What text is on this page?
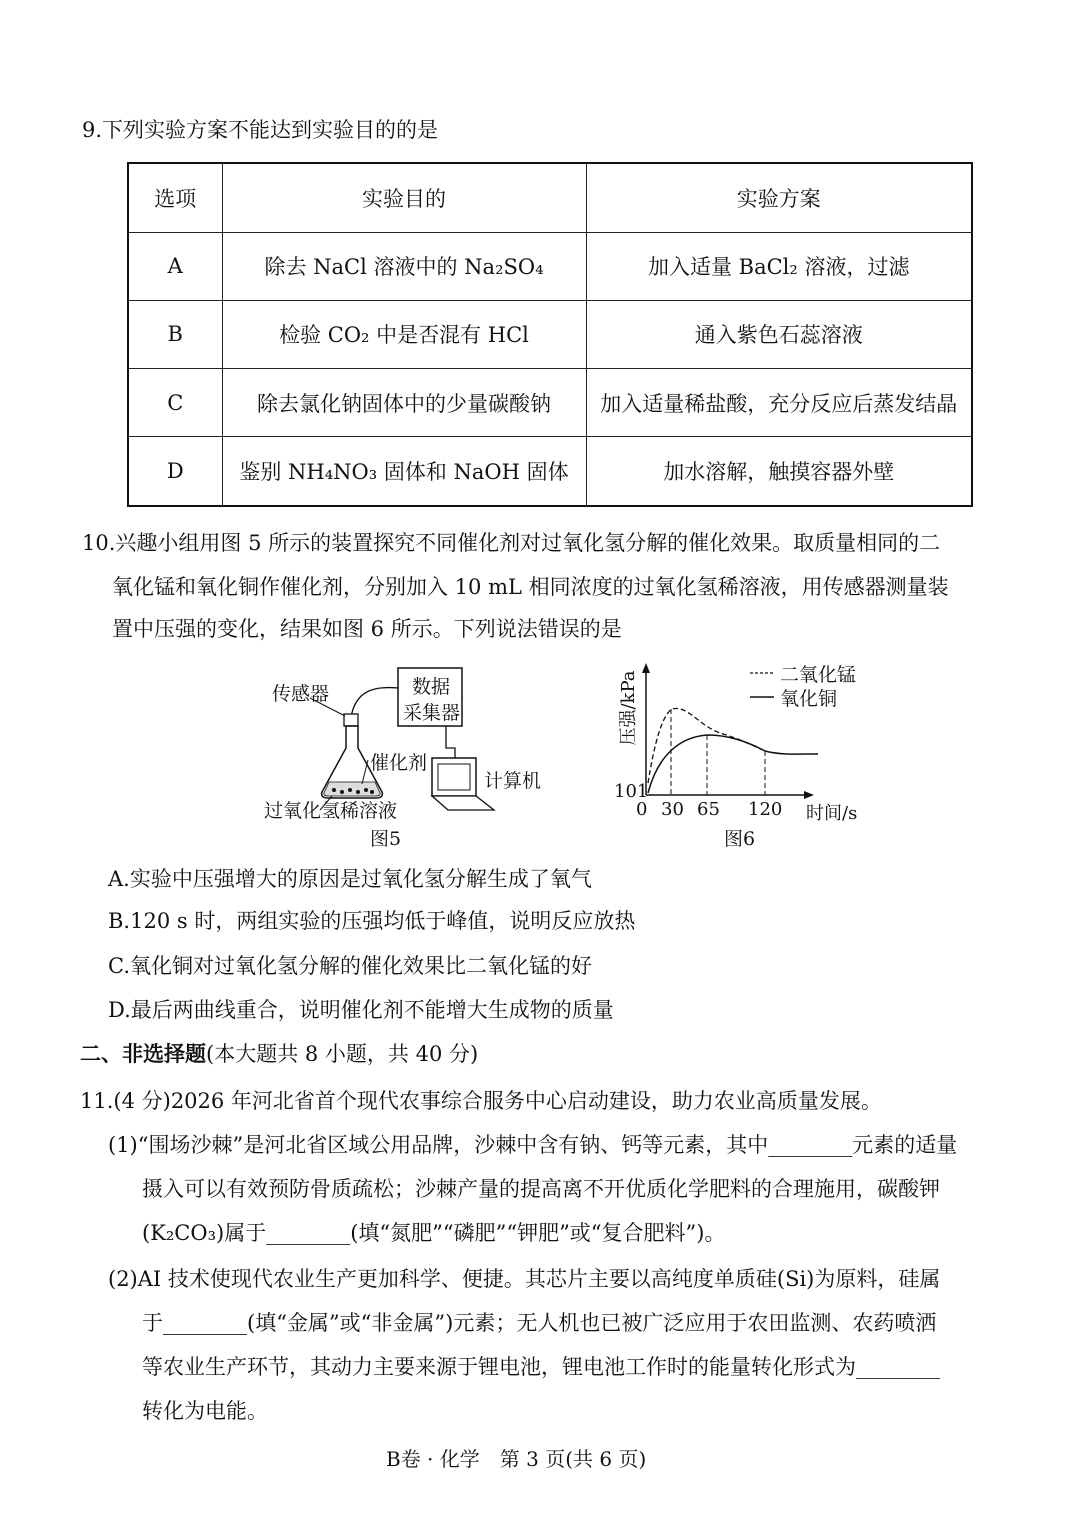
9.下列实验方案不能达到实验目的的是
选项	实验目的	实验方案
A	除去 NaCl 溶液中的 Na₂SO₄	加入适量 BaCl₂ 溶液，过滤
B	检验 CO₂ 中是否混有 HCl	通入紫色石蕊溶液
C	除去氯化钠固体中的少量碳酸钠	加入适量稀盐酸，充分反应后蒸发结晶
D	鉴别 NH₄NO₃ 固体和 NaOH 固体	加水溶解，触摸容器外壁
10.兴趣小组用图 5 所示的装置探究不同催化剂对过氧化氢分解的催化效果。取质量相同的二
氧化锰和氧化铜作催化剂，分别加入 10 mL 相同浓度的过氧化氢稀溶液，用传感器测量装
置中压强的变化，结果如图 6 所示。下列说法错误的是
传感器	数据
采集器
催化剂
计算机
过氧化氢稀溶液
图5
二氧化锰
氧化铜
压强/kPa
101
0 30 65 120 时间/s
图6
A.实验中压强增大的原因是过氧化氢分解生成了氧气
B.120 s 时，两组实验的压强均低于峰值，说明反应放热
C.氧化铜对过氧化氢分解的催化效果比二氧化锰的好
D.最后两曲线重合，说明催化剂不能增大生成物的质量
二、非选择题(本大题共 8 小题，共 40 分)
11.(4 分)2026 年河北省首个现代农事综合服务中心启动建设，助力农业高质量发展。
(1)“围场沙棘”是河北省区域公用品牌，沙棘中含有钠、钙等元素，其中________元素的适量
摄入可以有效预防骨质疏松；沙棘产量的提高离不开优质化学肥料的合理施用，碳酸钾
(K₂CO₃)属于________(填“氮肥”“磷肥”“钾肥”或“复合肥料”)。
(2)AI 技术使现代农业生产更加科学、便捷。其芯片主要以高纯度单质硅(Si)为原料，硅属
于________(填“金属”或“非金属”)元素；无人机也已被广泛应用于农田监测、农药喷洒
等农业生产环节，其动力主要来源于锂电池，锂电池工作时的能量转化形式为________
转化为电能。
B卷 · 化学　第 3 页(共 6 页)
